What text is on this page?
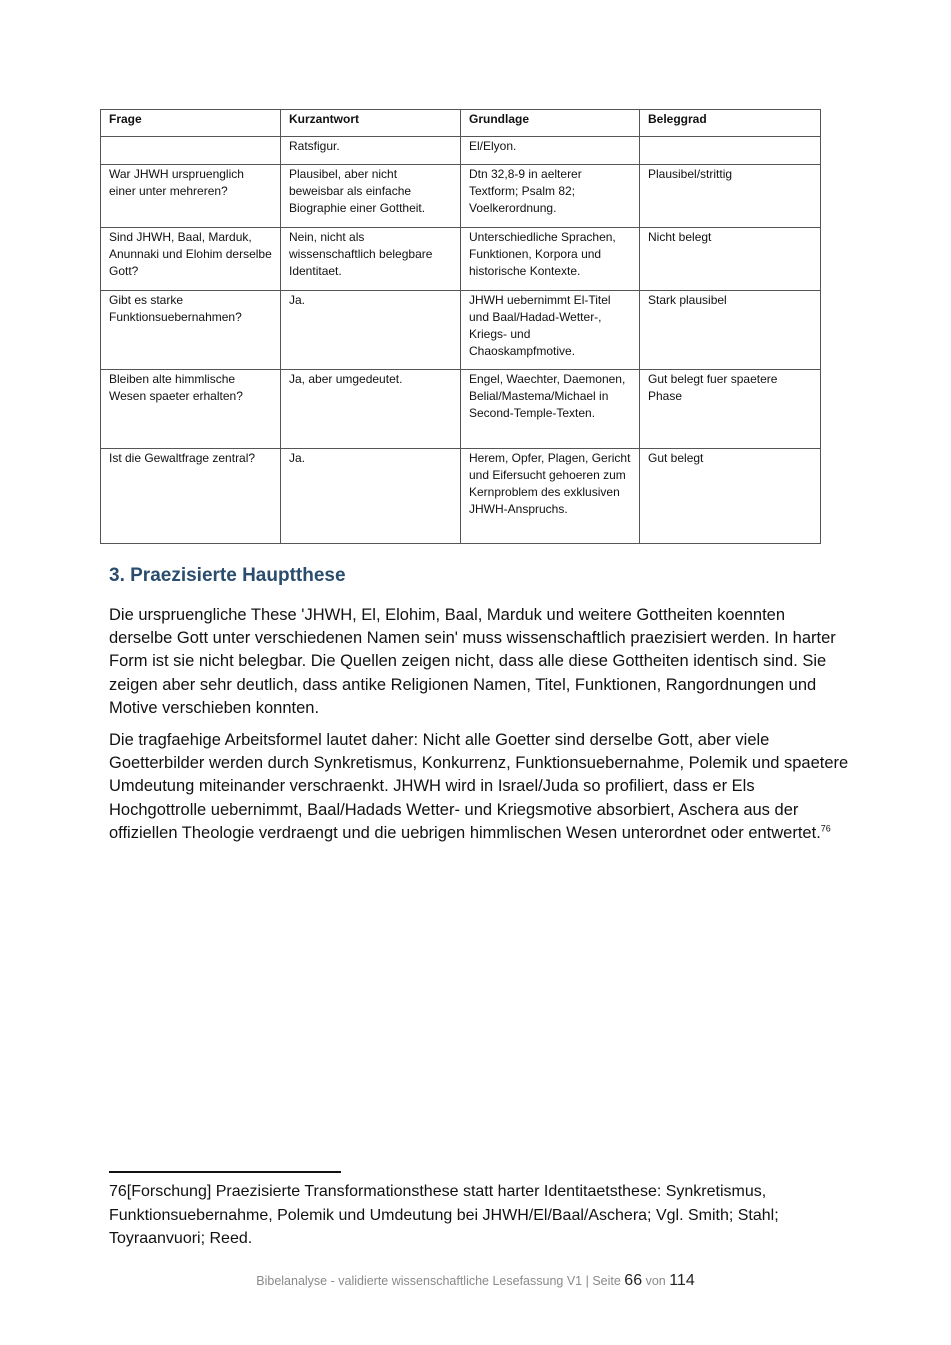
Frage	Kurzantwort	Grundlage	Beleggrad
	Ratsfigur.	El/Elyon.	
War JHWH urspruenglich einer unter mehreren?	Plausibel, aber nicht beweisbar als einfache Biographie einer Gottheit.	Dtn 32,8-9 in aelterer Textform; Psalm 82; Voelkerordnung.	Plausibel/strittig
Sind JHWH, Baal, Marduk, Anunnaki und Elohim derselbe Gott?	Nein, nicht als wissenschaftlich belegbare Identitaet.	Unterschiedliche Sprachen, Funktionen, Korpora und historische Kontexte.	Nicht belegt
Gibt es starke Funktionsuebernahmen?	Ja.	JHWH uebernimmt El-Titel und Baal/Hadad-Wetter-, Kriegs- und Chaoskampfmotive.	Stark plausibel
Bleiben alte himmlische Wesen spaeter erhalten?	Ja, aber umgedeutet.	Engel, Waechter, Daemonen, Belial/Mastema/Michael in Second-Temple-Texten.	Gut belegt fuer spaetere Phase
Ist die Gewaltfrage zentral?	Ja.	Herem, Opfer, Plagen, Gericht und Eifersucht gehoeren zum Kernproblem des exklusiven JHWH-Anspruchs.	Gut belegt
3. Praezisierte Hauptthese

Die urspruengliche These 'JHWH, El, Elohim, Baal, Marduk und weitere Gottheiten koennten derselbe Gott unter verschiedenen Namen sein' muss wissenschaftlich praezisiert werden. In harter Form ist sie nicht belegbar. Die Quellen zeigen nicht, dass alle diese Gottheiten identisch sind. Sie zeigen aber sehr deutlich, dass antike Religionen Namen, Titel, Funktionen, Rangordnungen und Motive verschieben konnten.

Die tragfaehige Arbeitsformel lautet daher: Nicht alle Goetter sind derselbe Gott, aber viele Goetterbilder werden durch Synkretismus, Konkurrenz, Funktionsuebernahme, Polemik und spaetere Umdeutung miteinander verschraenkt. JHWH wird in Israel/Juda so profiliert, dass er Els Hochgottrolle uebernimmt, Baal/Hadads Wetter- und Kriegsmotive absorbiert, Aschera aus der offiziellen Theologie verdraengt und die uebrigen himmlischen Wesen unterordnet oder entwertet.$^{76}$

76[Forschung] Praezisierte Transformationsthese statt harter Identitaetsthese: Synkretismus, Funktionsuebernahme, Polemik und Umdeutung bei JHWH/El/Baal/Aschera; Vgl. Smith; Stahl; Toyraanvuori; Reed.

Bibelanalyse - validierte wissenschaftliche Lesefassung V1 | Seite 66 von 114
